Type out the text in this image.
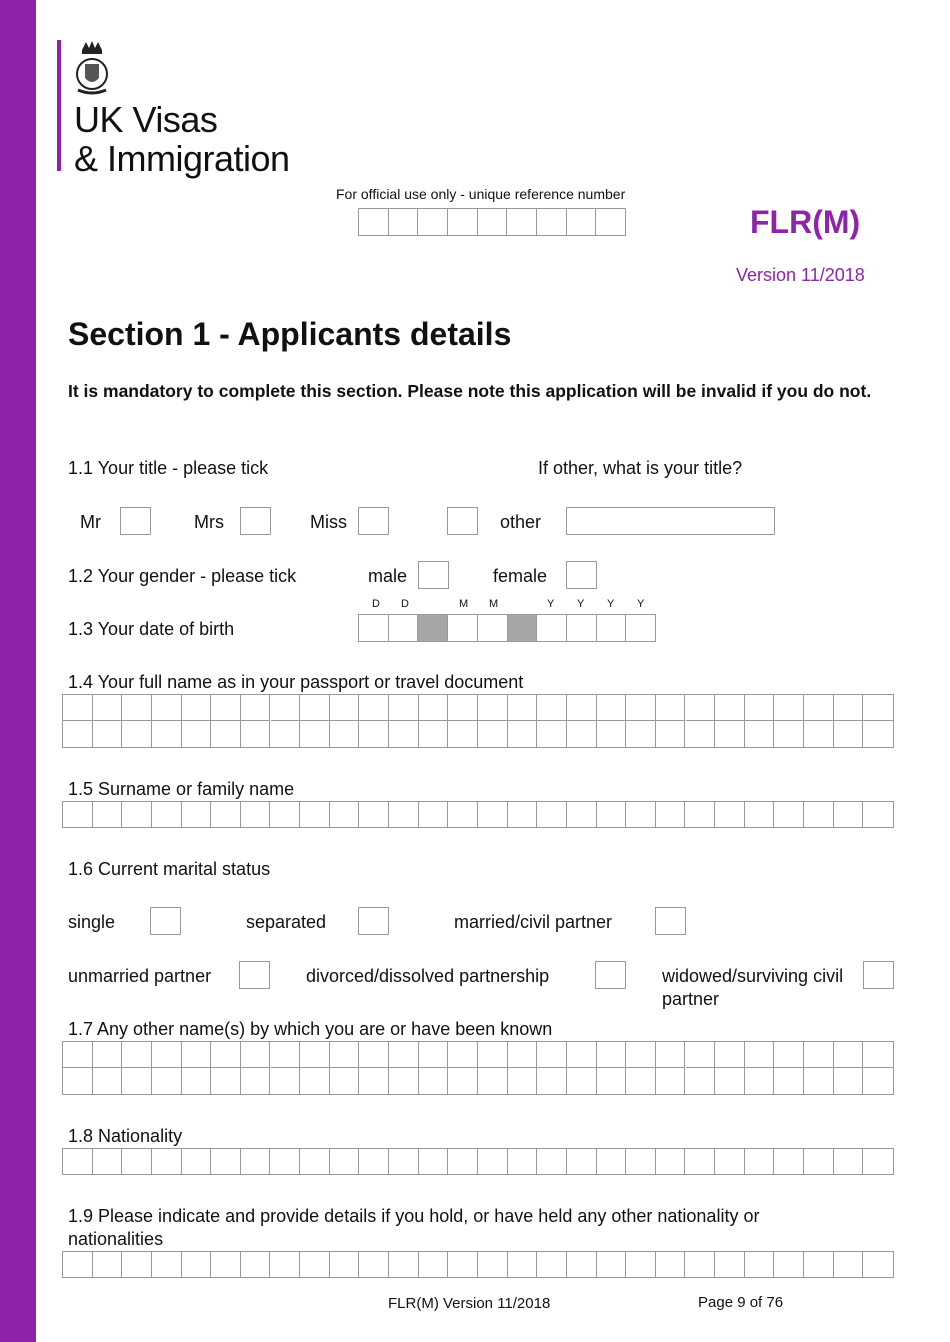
UK Visas
& Immigration
For official use only - unique reference number
FLR(M)
Version 11/2018
Section 1 - Applicants details
It is mandatory to complete this section. Please note this application will be invalid if you do not.
1.1 Your title - please tick	If other, what is your title?
Mr	Mrs	Miss	other
1.2 Your gender - please tick	male	female
D D	M M	Y Y Y Y
1.3 Your date of birth
1.4 Your full name as in your passport or travel document
1.5 Surname or family name
1.6 Current marital status
single	separated	married/civil partner
unmarried partner	divorced/dissolved partnership	widowed/surviving civil partner
1.7 Any other name(s) by which you are or have been known
1.8 Nationality
1.9 Please indicate and provide details if you hold, or have held any other nationality or nationalities
FLR(M) Version 11/2018	Page 9 of 76
